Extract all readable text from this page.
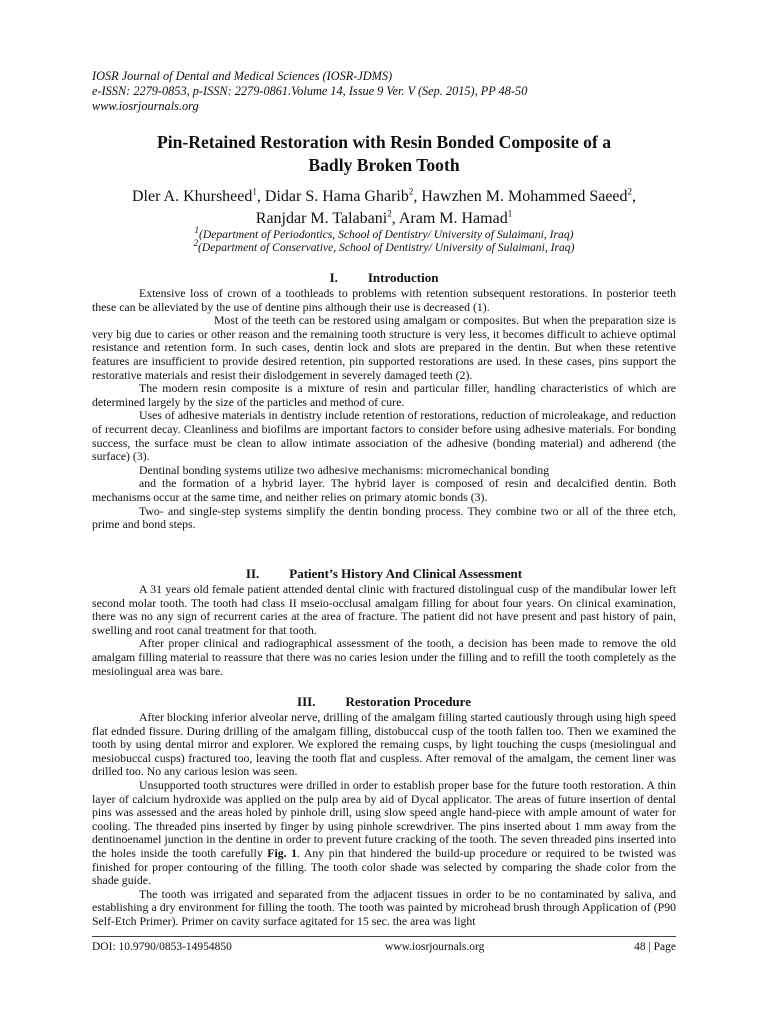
IOSR Journal of Dental and Medical Sciences (IOSR-JDMS)
e-ISSN: 2279-0853, p-ISSN: 2279-0861.Volume 14, Issue 9 Ver. V (Sep. 2015), PP 48-50
www.iosrjournals.org
Pin-Retained Restoration with Resin Bonded Composite of a
Badly Broken Tooth
Dler A. Khursheed$^1$, Didar S. Hama Gharib$^2$, Hawzhen M. Mohammed Saeed$^2$,
Ranjdar M. Talabani$^2$, Aram M. Hamad$^1$
$^1$(Department of Periodontics, School of Dentistry/ University of Sulaimani, Iraq)
$^2$(Department of Conservative, School of Dentistry/ University of Sulaimani, Iraq)
I. Introduction

Extensive loss of crown of a toothleads to problems with retention subsequent restorations. In posterior teeth these can be alleviated by the use of dentine pins although their use is decreased (1).

Most of the teeth can be restored using amalgam or composites. But when the preparation size is very big due to caries or other reason and the remaining tooth structure is very less, it becomes difficult to achieve optimal resistance and retention form. In such cases, dentin lock and slots are prepared in the dentin. But when these retentive features are insufficient to provide desired retention, pin supported restorations are used. In these cases, pins support the restorative materials and resist their dislodgement in severely damaged teeth (2).

The modern resin composite is a mixture of resin and particular filler, handling characteristics of which are determined largely by the size of the particles and method of cure.

Uses of adhesive materials in dentistry include retention of restorations, reduction of microleakage, and reduction of recurrent decay. Cleanliness and biofilms are important factors to consider before using adhesive materials. For bonding success, the surface must be clean to allow intimate association of the adhesive (bonding material) and adherend (the surface) (3).

Dentinal bonding systems utilize two adhesive mechanisms: micromechanical bonding

and the formation of a hybrid layer. The hybrid layer is composed of resin and decalcified dentin. Both mechanisms occur at the same time, and neither relies on primary atomic bonds (3).

Two- and single-step systems simplify the dentin bonding process. They combine two or all of the three etch, prime and bond steps.

II. Patient’s History And Clinical Assessment

A 31 years old female patient attended dental clinic with fractured distolingual cusp of the mandibular lower left second molar tooth. The tooth had class II mseio-occlusal amalgam filling for about four years. On clinical examination, there was no any sign of recurrent caries at the area of fracture. The patient did not have present and past history of pain, swelling and root canal treatment for that tooth.

After proper clinical and radiographical assessment of the tooth, a decision has been made to remove the old amalgam filling material to reassure that there was no caries lesion under the filling and to refill the tooth completely as the mesiolingual area was bare.

III. Restoration Procedure

After blocking inferior alveolar nerve, drilling of the amalgam filling started cautiously through using high speed flat ednded fissure. During drilling of the amalgam filling, distobuccal cusp of the tooth fallen too. Then we examined the tooth by using dental mirror and explorer. We explored the remaing cusps, by light touching the cusps (mesiolingual and mesiobuccal cusps) fractured too, leaving the tooth flat and cuspless. After removal of the amalgam, the cement liner was drilled too. No any carious lesion was seen.

Unsupported tooth structures were drilled in order to establish proper base for the future tooth restoration. A thin layer of calcium hydroxide was applied on the pulp area by aid of Dycal applicator. The areas of future insertion of dental pins was assessed and the areas holed by pinhole drill, using slow speed angle hand-piece with ample amount of water for cooling. The threaded pins inserted by finger by using pinhole screwdriver. The pins inserted about 1 mm away from the dentinoenamel junction in the dentine in order to prevent future cracking of the tooth. The seven threaded pins inserted into the holes inside the tooth carefully Fig. 1. Any pin that hindered the build-up procedure or required to be twisted was finished for proper contouring of the filling. The tooth color shade was selected by comparing the shade color from the shade guide.

The tooth was irrigated and separated from the adjacent tissues in order to be no contaminated by saliva, and establishing a dry environment for filling the tooth. The tooth was painted by microhead brush through Application of (P90 Self-Etch Primer). Primer on cavity surface agitated for 15 sec. the area was light

DOI: 10.9790/0853-14954850	www.iosrjournals.org	48 | Page
